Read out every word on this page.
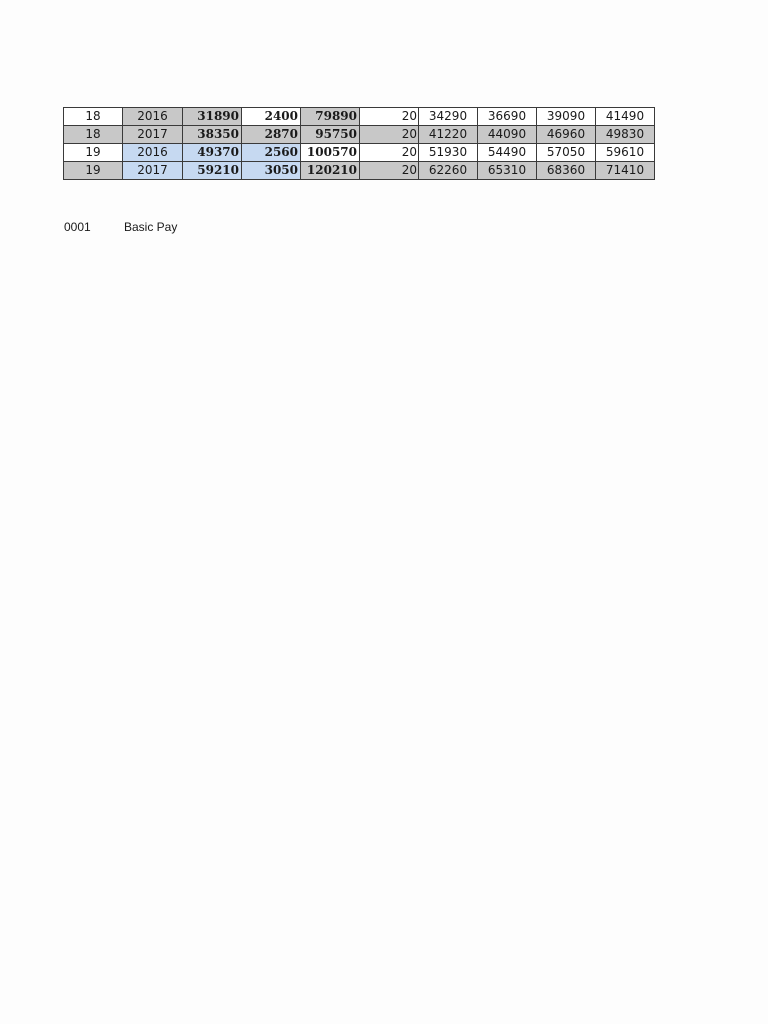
18	2016	31890	2400	79890	20	34290	36690	39090	41490
18	2017	38350	2870	95750	20	41220	44090	46960	49830
19	2016	49370	2560	100570	20	51930	54490	57050	59610
19	2017	59210	3050	120210	20	62260	65310	68360	71410
0001	Basic Pay
